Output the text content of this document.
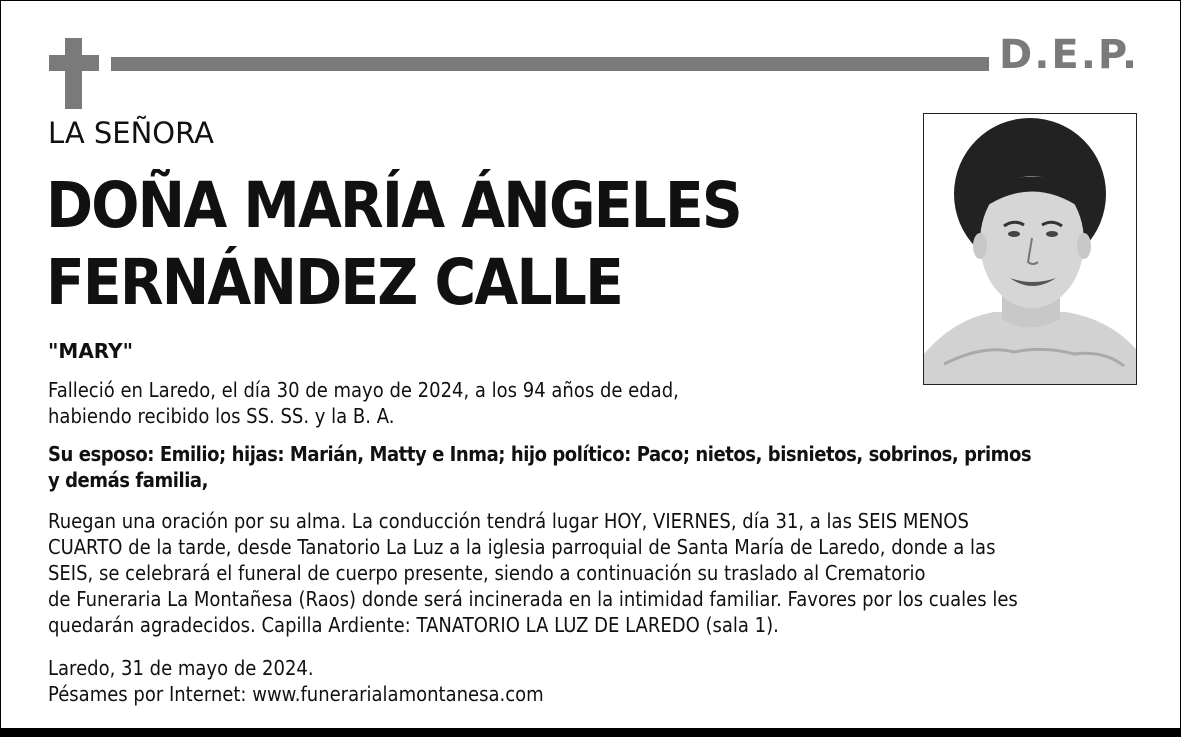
D.E.P.
LA SEÑORA
DOÑA MARÍA ÁNGELES
FERNÁNDEZ CALLE
"MARY"
Falleció en Laredo, el día 30 de mayo de 2024, a los 94 años de edad,
habiendo recibido los SS. SS. y la B. A.
Su esposo: Emilio; hijas: Marián, Matty e Inma; hijo político: Paco; nietos, bisnietos, sobrinos, primos
y demás familia,
Ruegan una oración por su alma. La conducción tendrá lugar HOY, VIERNES, día 31, a las SEIS MENOS
CUARTO de la tarde, desde Tanatorio La Luz a la iglesia parroquial de Santa María de Laredo, donde a las
SEIS, se celebrará el funeral de cuerpo presente, siendo a continuación su traslado al Crematorio
de Funeraria La Montañesa (Raos) donde será incinerada en la intimidad familiar. Favores por los cuales les
quedarán agradecidos. Capilla Ardiente: TANATORIO LA LUZ DE LAREDO (sala 1).
Laredo, 31 de mayo de 2024.
Pésames por Internet: www.funerarialamontanesa.com
